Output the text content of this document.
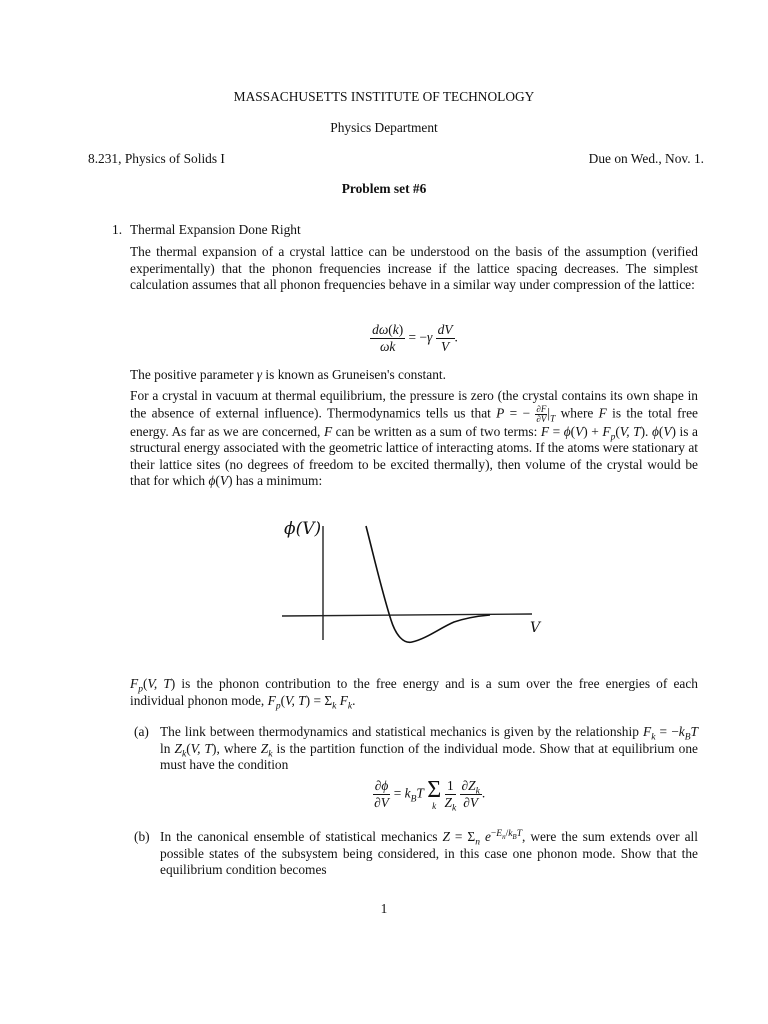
MASSACHUSETTS INSTITUTE OF TECHNOLOGY
Physics Department
8.231, Physics of Solids I	Due on Wed., Nov. 1.
Problem set #6
1. Thermal Expansion Done Right
The thermal expansion of a crystal lattice can be understood on the basis of the assumption (verified experimentally) that the phonon frequencies increase if the lattice spacing decreases. The simplest calculation assumes that all phonon frequencies behave in a similar way under compression of the lattice:
$\frac{d\omega(k)}{\omega k} = -\gamma \frac{dV}{V}$ .
The positive parameter γ is known as Gruneisen's constant.
For a crystal in vacuum at thermal equilibrium, the pressure is zero (the crystal contains its own shape in the absence of external influence). Thermodynamics tells us that P = − $\frac{\partial F}{\partial V} |_T$ where F is the total free energy. As far as we are concerned, F can be written as a sum of two terms: $F = \phi(V) + F_p(V$, T). ϕ(V) is a structural energy associated with the geometric lattice of interacting atoms. If the atoms were stationary at their lattice sites (no degrees of freedom to be excited thermally), then volume of the crystal would be that for which ϕ(V) has a minimum:
ϕ(V)
V
$F_p(V$, T) is the phonon contribution to the free energy and is a sum over the free energies of each individual phonon mode, $F_p(V$, $T) = \Sigma_k$ $F_k$.
(a) The link between thermodynamics and statistical mechanics is given by the relationship $F_k = -k_BT$ $\ln Z_k(V$, T), where $Z_k$ is the partition function of the individual mode. Show that at equilibrium one must have the condition
$\frac{\partial\phi}{\partial V} = k_BT$ Σ
k
$\frac{1}{Z_k}$
$\frac{\partial Z_k}{\partial V}$ .
(b) In the canonical ensemble of statistical mechanics $Z = \Sigma_n$ $e^{-E_n/k_BT}$, were the sum extends over all possible states of the subsystem being considered, in this case one phonon mode. Show that the equilibrium condition becomes
1
